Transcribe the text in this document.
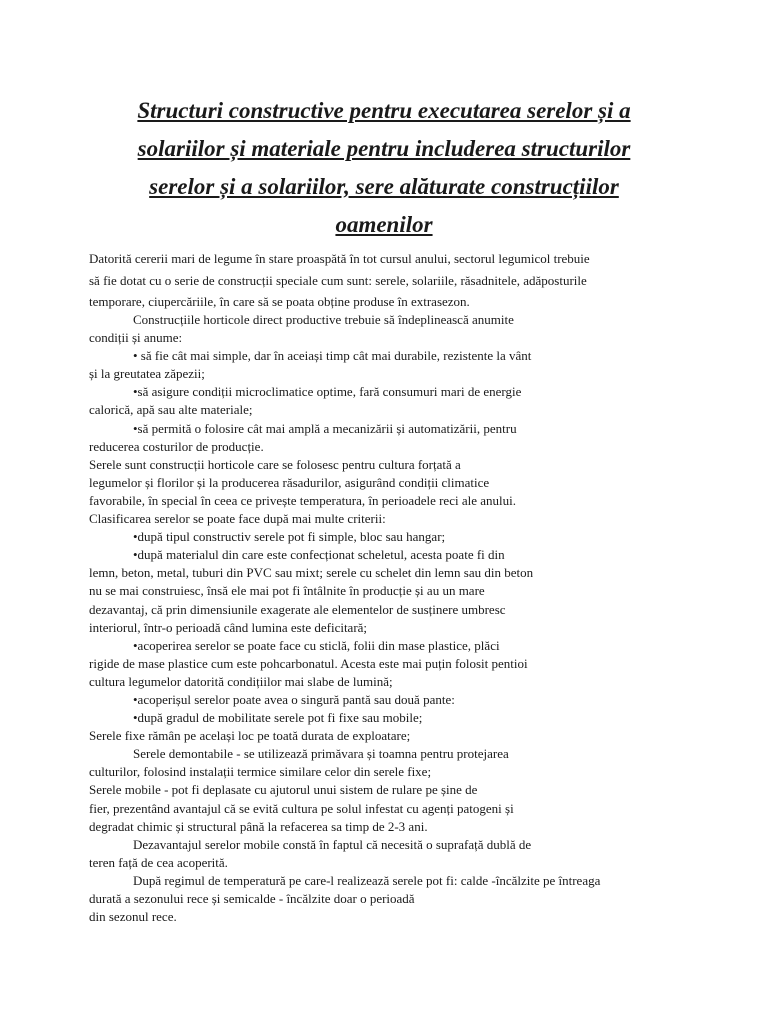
Structuri constructive pentru executarea serelor și a
solariilor și materiale pentru includerea structurilor
serelor și a solariilor, sere alăturate construcțiilor
oamenilor
Datorită cererii mari de legume în stare proaspătă în tot cursul anului, sectorul legumicol trebuie
să fie dotat cu o serie de construcții speciale cum sunt: serele, solariile, răsadnitele, adăposturile
temporare, ciupercăriile, în care să se poata obține produse în extrasezon.
Construcțiile horticole direct productive trebuie să îndeplinească anumite
condiții și anume:
• să fie cât mai simple, dar în aceiași timp cât mai durabile, rezistente la vânt
și la greutatea zăpezii;
•să asigure condiții microclimatice optime, fară consumuri mari de energie
calorică, apă sau alte materiale;
•să permită o folosire cât mai amplă a mecanizării și automatizării, pentru
reducerea costurilor de producție.
Serele sunt construcții horticole care se folosesc pentru cultura forțată a
legumelor și florilor și la producerea răsadurilor, asigurând condiții climatice
favorabile, în special în ceea ce privește temperatura, în perioadele reci ale anului.
Clasificarea serelor se poate face după mai multe criterii:
•după tipul constructiv serele pot fi simple, bloc sau hangar;
•după materialul din care este confecționat scheletul, acesta poate fi din
lemn, beton, metal, tuburi din PVC sau mixt; serele cu schelet din lemn sau din beton
nu se mai construiesc, însă ele mai pot fi întâlnite în producție și au un mare
dezavantaj, că prin dimensiunile exagerate ale elementelor de susținere umbresc
interiorul, într-o perioadă când lumina este deficitară;
•acoperirea serelor se poate face cu sticlă, folii din mase plastice, plăci
rigide de mase plastice cum este pohcarbonatul. Acesta este mai puțin folosit pentioi
cultura legumelor datorită condițiilor mai slabe de lumină;
•acoperișul serelor poate avea o singură pantă sau două pante:
•după gradul de mobilitate serele pot fi fixe sau mobile;
Serele fixe rămân pe același loc pe toată durata de exploatare;
Serele demontabile - se utilizează primăvara și toamna pentru protejarea
culturilor, folosind instalații termice similare celor din serele fixe;
Serele mobile - pot fi deplasate cu ajutorul unui sistem de rulare pe șine de
fier, prezentând avantajul că se evită cultura pe solul infestat cu agenți patogeni și
degradat chimic și structural până la refacerea sa timp de 2-3 ani.
Dezavantajul serelor mobile constă în faptul că necesită o suprafață dublă de
teren față de cea acoperită.
După regimul de temperatură pe care-l realizează serele pot fi: calde -încălzite pe întreaga
durată a sezonului rece și semicalde - încălzite doar o perioadă
din sezonul rece.
